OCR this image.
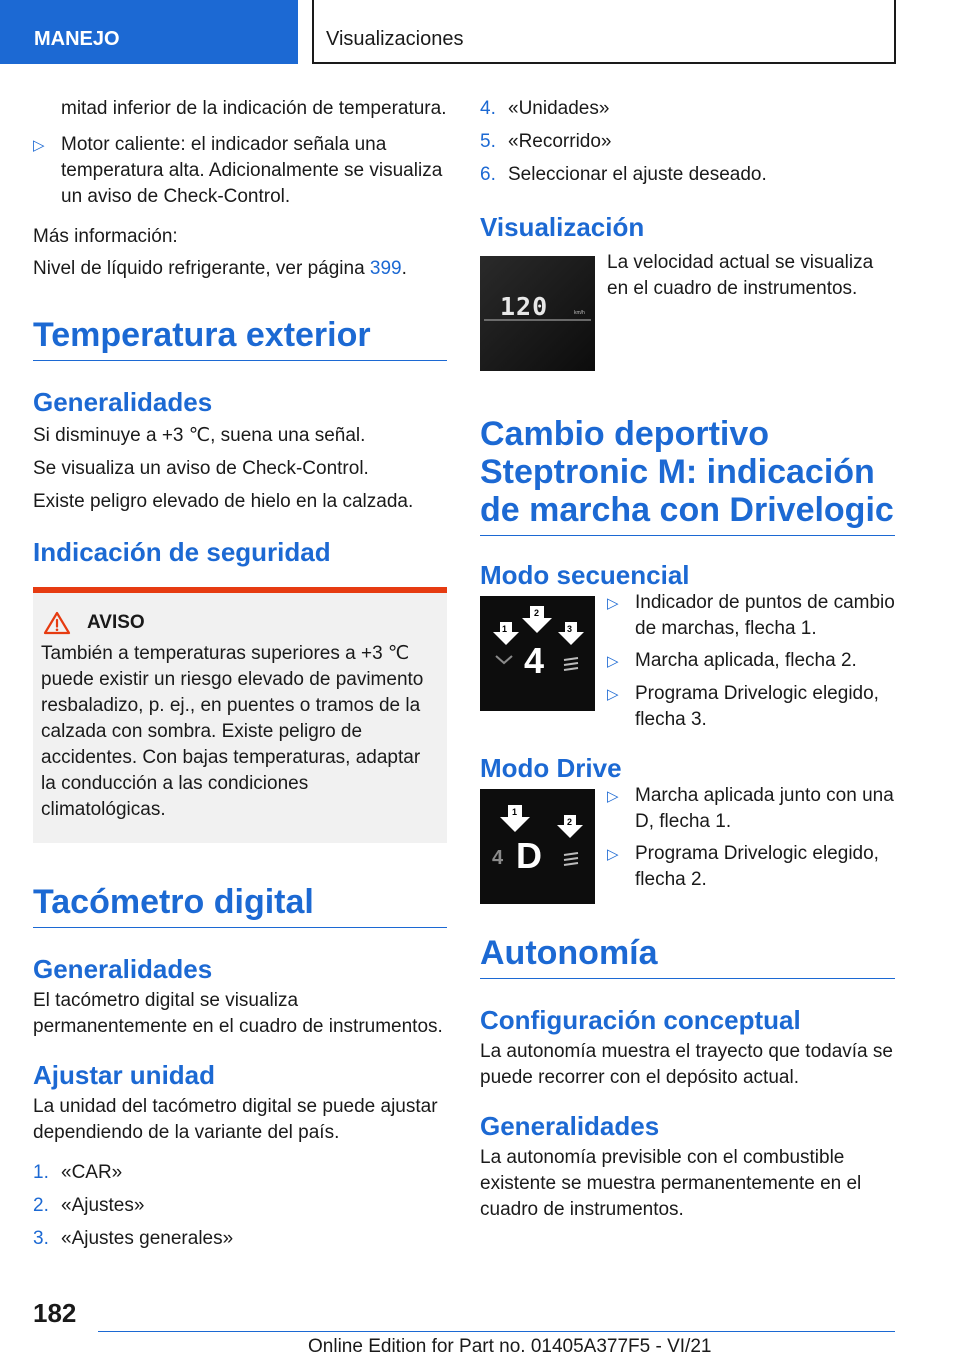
MANEJO	Visualizaciones

mitad inferior de la indicación de temperatura.

▷ Motor caliente: el indicador señala una temperatura alta. Adicionalmente se visualiza un aviso de Check-Control.

Más información:

Nivel de líquido refrigerante, ver página 399.

Temperatura exterior
Generalidades

Si disminuye a +3 ℃, suena una señal.

Se visualiza un aviso de Check-Control.

Existe peligro elevado de hielo en la calzada.

Indicación de seguridad
AVISO

También a temperaturas superiores a +3 ℃ puede existir un riesgo elevado de pavimento resbaladizo, p. ej., en puentes o tramos de la calzada con sombra. Existe peligro de accidentes. Con bajas temperaturas, adaptar la conducción a las condiciones climatológicas.

Tacómetro digital
Generalidades

El tacómetro digital se visualiza permanentemente en el cuadro de instrumentos.

Ajustar unidad

La unidad del tacómetro digital se puede ajustar dependiendo de la variante del país.

1. «CAR»
2. «Ajustes»
3. «Ajustes generales»
4. «Unidades»
5. «Recorrido»
6. Seleccionar el ajuste deseado.
Visualización
120	km/h

La velocidad actual se visualiza en el cuadro de instrumentos.

Cambio deportivo Steptronic M: indicación de marcha con Drivelogic
Modo secuencial
1
2
3
4
▷ Indicador de puntos de cambio de marchas, flecha 1.
▷ Marcha aplicada, flecha 2.
▷ Programa Drivelogic elegido, flecha 3.
Modo Drive
1
2
4 D
▷ Marcha aplicada junto con una D, flecha 1.
▷ Programa Drivelogic elegido, flecha 2.
Autonomía
Configuración conceptual

La autonomía muestra el trayecto que todavía se puede recorrer con el depósito actual.

Generalidades

La autonomía previsible con el combustible existente se muestra permanentemente en el cuadro de instrumentos.

182
Online Edition for Part no. 01405A377F5 - VI/21
